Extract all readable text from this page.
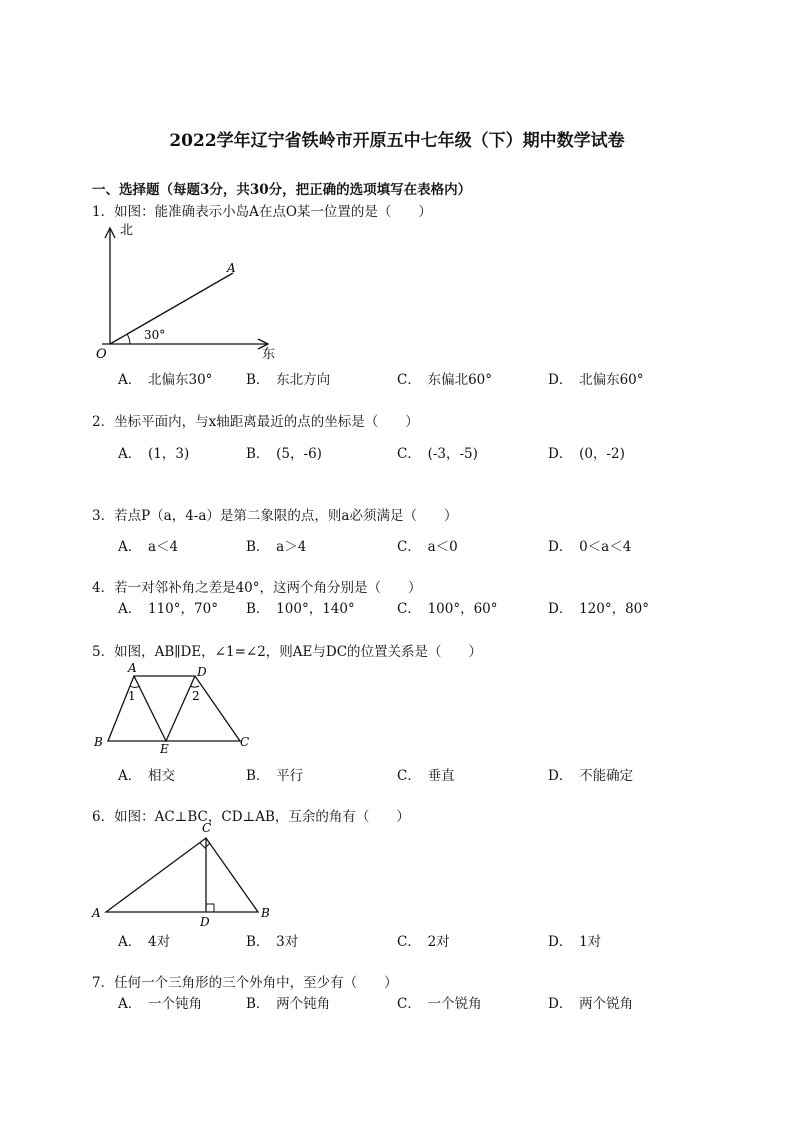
2022学年辽宁省铁岭市开原五中七年级（下）期中数学试卷
一、选择题（每题3分，共30分，把正确的选项填写在表格内）
1．如图：能准确表示小岛A在点O某一位置的是（　　）
北
东
O
A
30°
A．　北偏东30° B．　东北方向	C．　东偏北60°	D．　北偏东60°
2．坐标平面内，与x轴距离最近的点的坐标是（　　）
A．　(1，3)	B．　(5，-6)	C．　(-3，-5)	D．　(0，-2)
3．若点P（a，4-a）是第二象限的点，则a必须满足（　　）
A．　a＜4	B．　a＞4	C．　a＜0	D．　0＜a＜4
4．若一对邻补角之差是40°，这两个角分别是（　　）
A．　110°，70° B．　100°，140°	C．　100°，60°	D．　120°，80°
5．如图，AB∥DE，∠1=∠2，则AE与DC的位置关系是（　　）
A	D
B	E	C
1	2
A．　相交	B．　平行	C．　垂直	D．　不能确定
6．如图：AC⊥BC，CD⊥AB，互余的角有（　　）
C
A
D
B
A．　4对	B．　3对	C．　2对	D．　1对
7．任何一个三角形的三个外角中，至少有（　　）
A．　一个钝角	B．　两个钝角	C．　一个锐角	D．　两个锐角
